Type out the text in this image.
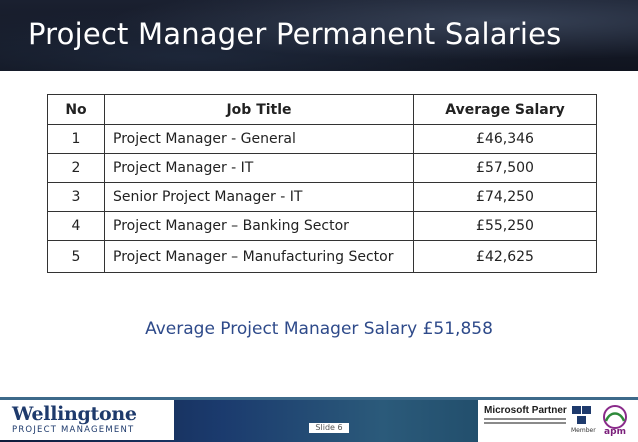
Project Manager Permanent Salaries
No	Job Title	Average Salary
1	Project Manager - General	£46,346
2	Project Manager - IT	£57,500
3	Senior Project Manager - IT	£74,250
4	Project Manager – Banking Sector	£55,250
5	Project Manager – Manufacturing Sector	£42,625
Average Project Manager Salary £51,858
Wellingtone
PROJECT MANAGEMENT	Slide 6
Microsoft Partner
Member apm
